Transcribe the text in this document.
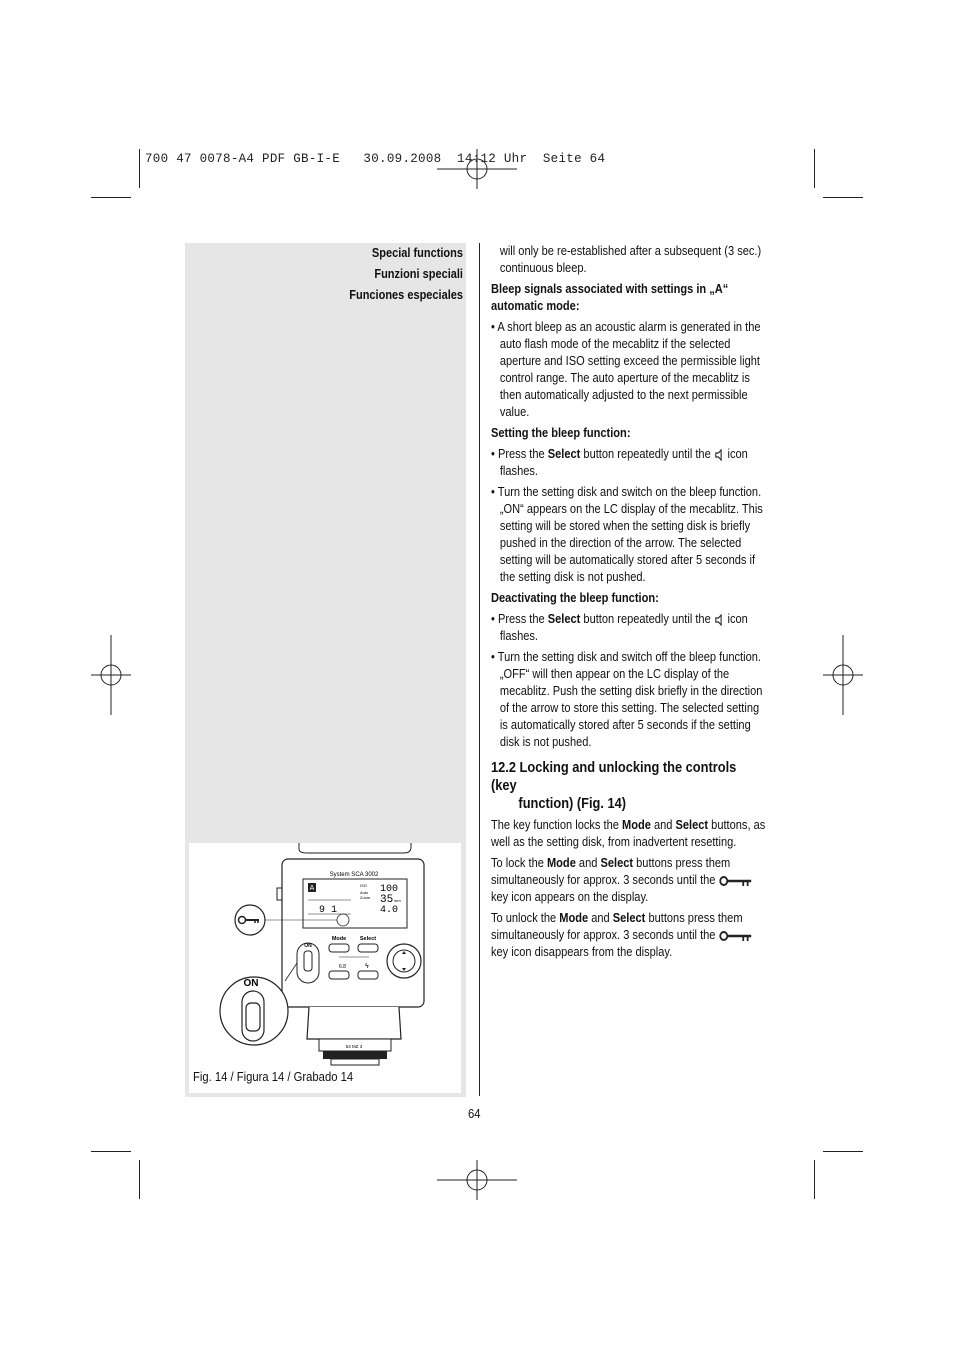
700 47 0078-A4 PDF GB-I-E   30.09.2008  14:12 Uhr  Seite 64
Special functions
Funzioni speciali
Funciones especiales
System SCA 3002
A	ISO
Auto
Zoom
100
35 mm
4.0
9 1
ON
Mode Select
6.8	ϟ
ON
54 MZ 3
Fig. 14 / Figura 14 / Grabado 14

will only be re-established after a subsequent (3 sec.) continuous bleep.

Bleep signals associated with settings in „A“ automatic mode:

• A short bleep as an acoustic alarm is generated in the auto flash mode of the mecablitz if the selected aperture and ISO setting exceed the permissible light control range. The auto aperture of the mecablitz is then automatically adjusted to the next permissible value.

Setting the bleep function:

• Press the Select button repeatedly until the  icon flashes.

• Turn the setting disk and switch on the bleep function. „ON“ appears on the LC display of the mecablitz. This setting will be stored when the setting disk is briefly pushed in the direction of the arrow. The selected setting will be automatically stored after 5 seconds if the setting disk is not pushed.

Deactivating the bleep function:

• Press the Select button repeatedly until the  icon flashes.

• Turn the setting disk and switch off the bleep function. „OFF“ will then appear on the LC display of the mecablitz. Push the setting disk briefly in the direction of the arrow to store this setting. The selected setting is automatically stored after 5 seconds if the setting disk is not pushed.

12.2 Locking and unlocking the controls (key
function) (Fig. 14)

The key function locks the Mode and Select buttons, as well as the setting disk, from inadvertent resetting.

To lock the Mode and Select buttons press them simultaneously for approx. 3 seconds until the  key icon appears on the display.

To unlock the Mode and Select buttons press them simultaneously for approx. 3 seconds until the  key icon disappears from the display.

64
